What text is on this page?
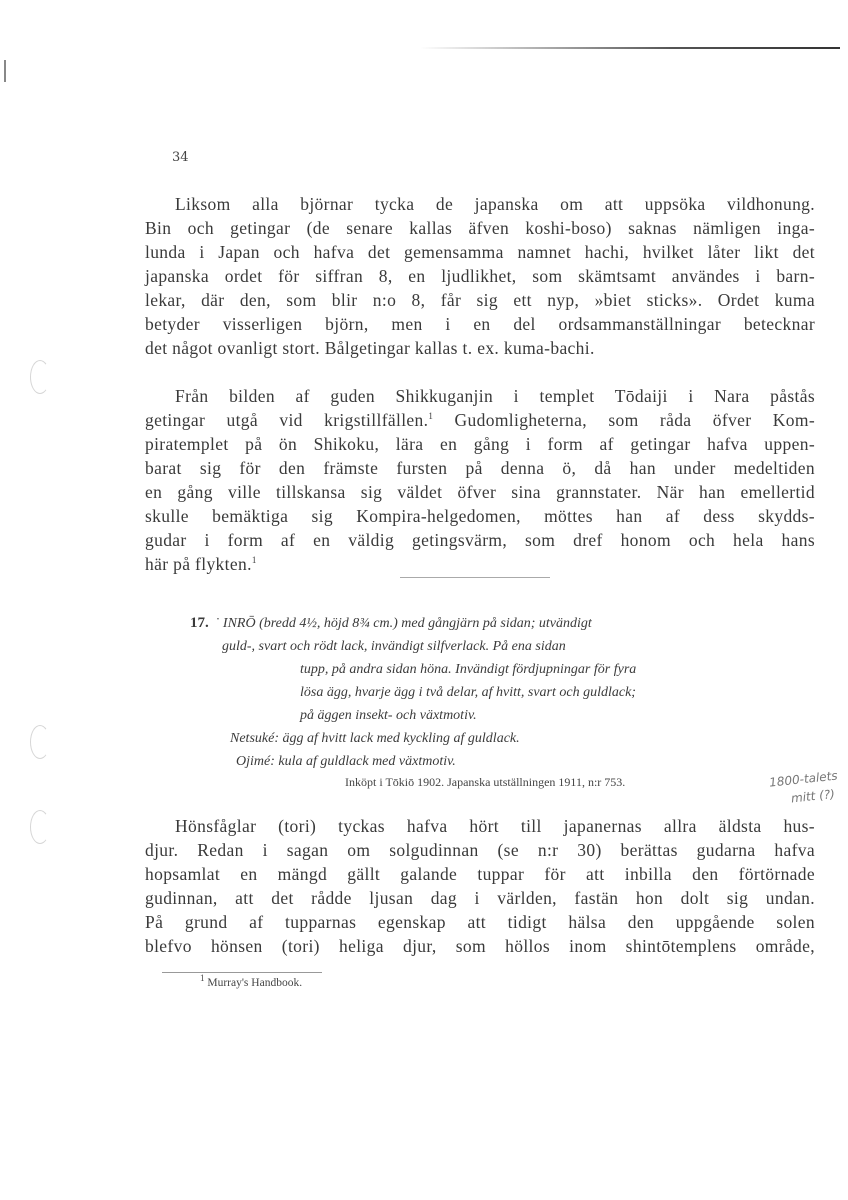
34
Liksom alla björnar tycka de japanska om att uppsöka vildhonung.
Bin och getingar (de senare kallas äfven koshi-boso) saknas nämligen inga-
lunda i Japan och hafva det gemensamma namnet hachi, hvilket låter likt det
japanska ordet för siffran 8, en ljudlikhet, som skämtsamt användes i barn-
lekar, där den, som blir n:o 8, får sig ett nyp, »biet sticks». Ordet kuma
betyder visserligen björn, men i en del ordsammanställningar betecknar
det något ovanligt stort. Bålgetingar kallas t. ex. kuma-bachi.
Från bilden af guden Shikkuganjin i templet Tōdaiji i Nara påstås
getingar utgå vid krigstillfällen.$^1$ Gudomligheterna, som råda öfver Kom-
piratemplet på ön Shikoku, lära en gång i form af getingar hafva uppen-
barat sig för den främste fursten på denna ö, då han under medeltiden
en gång ville tillskansa sig väldet öfver sina grannstater. När han emellertid
skulle bemäktiga sig Kompira-helgedomen, möttes han af dess skydds-
gudar i form af en väldig getingsvärm, som dref honom och hela hans
här på flykten.$^1$
17. ˙ INRŌ (bredd 4½, höjd 8¾ cm.) med gångjärn på sidan; utvändigt
guld-, svart och rödt lack, invändigt silfverlack. På ena sidan
tupp, på andra sidan höna. Invändigt fördjupningar för fyra
lösa ägg, hvarje ägg i två delar, af hvitt, svart och guldlack;
på äggen insekt- och växtmotiv.
Netsuké: ägg af hvitt lack med kyckling af guldlack.
Ojimé: kula af guldlack med växtmotiv.
Inköpt i Tōkiō 1902. Japanska utställningen 1911, n:r 753.	1800-talets
mitt (?)
Hönsfåglar (tori) tyckas hafva hört till japanernas allra äldsta hus-
djur. Redan i sagan om solgudinnan (se n:r 30) berättas gudarna hafva
hopsamlat en mängd gällt galande tuppar för att inbilla den förtörnade
gudinnan, att det rådde ljusan dag i världen, fastän hon dolt sig undan.
På grund af tupparnas egenskap att tidigt hälsa den uppgående solen
blefvo hönsen (tori) heliga djur, som höllos inom shintōtemplens område,
$^1$ Murray's Handbook.
